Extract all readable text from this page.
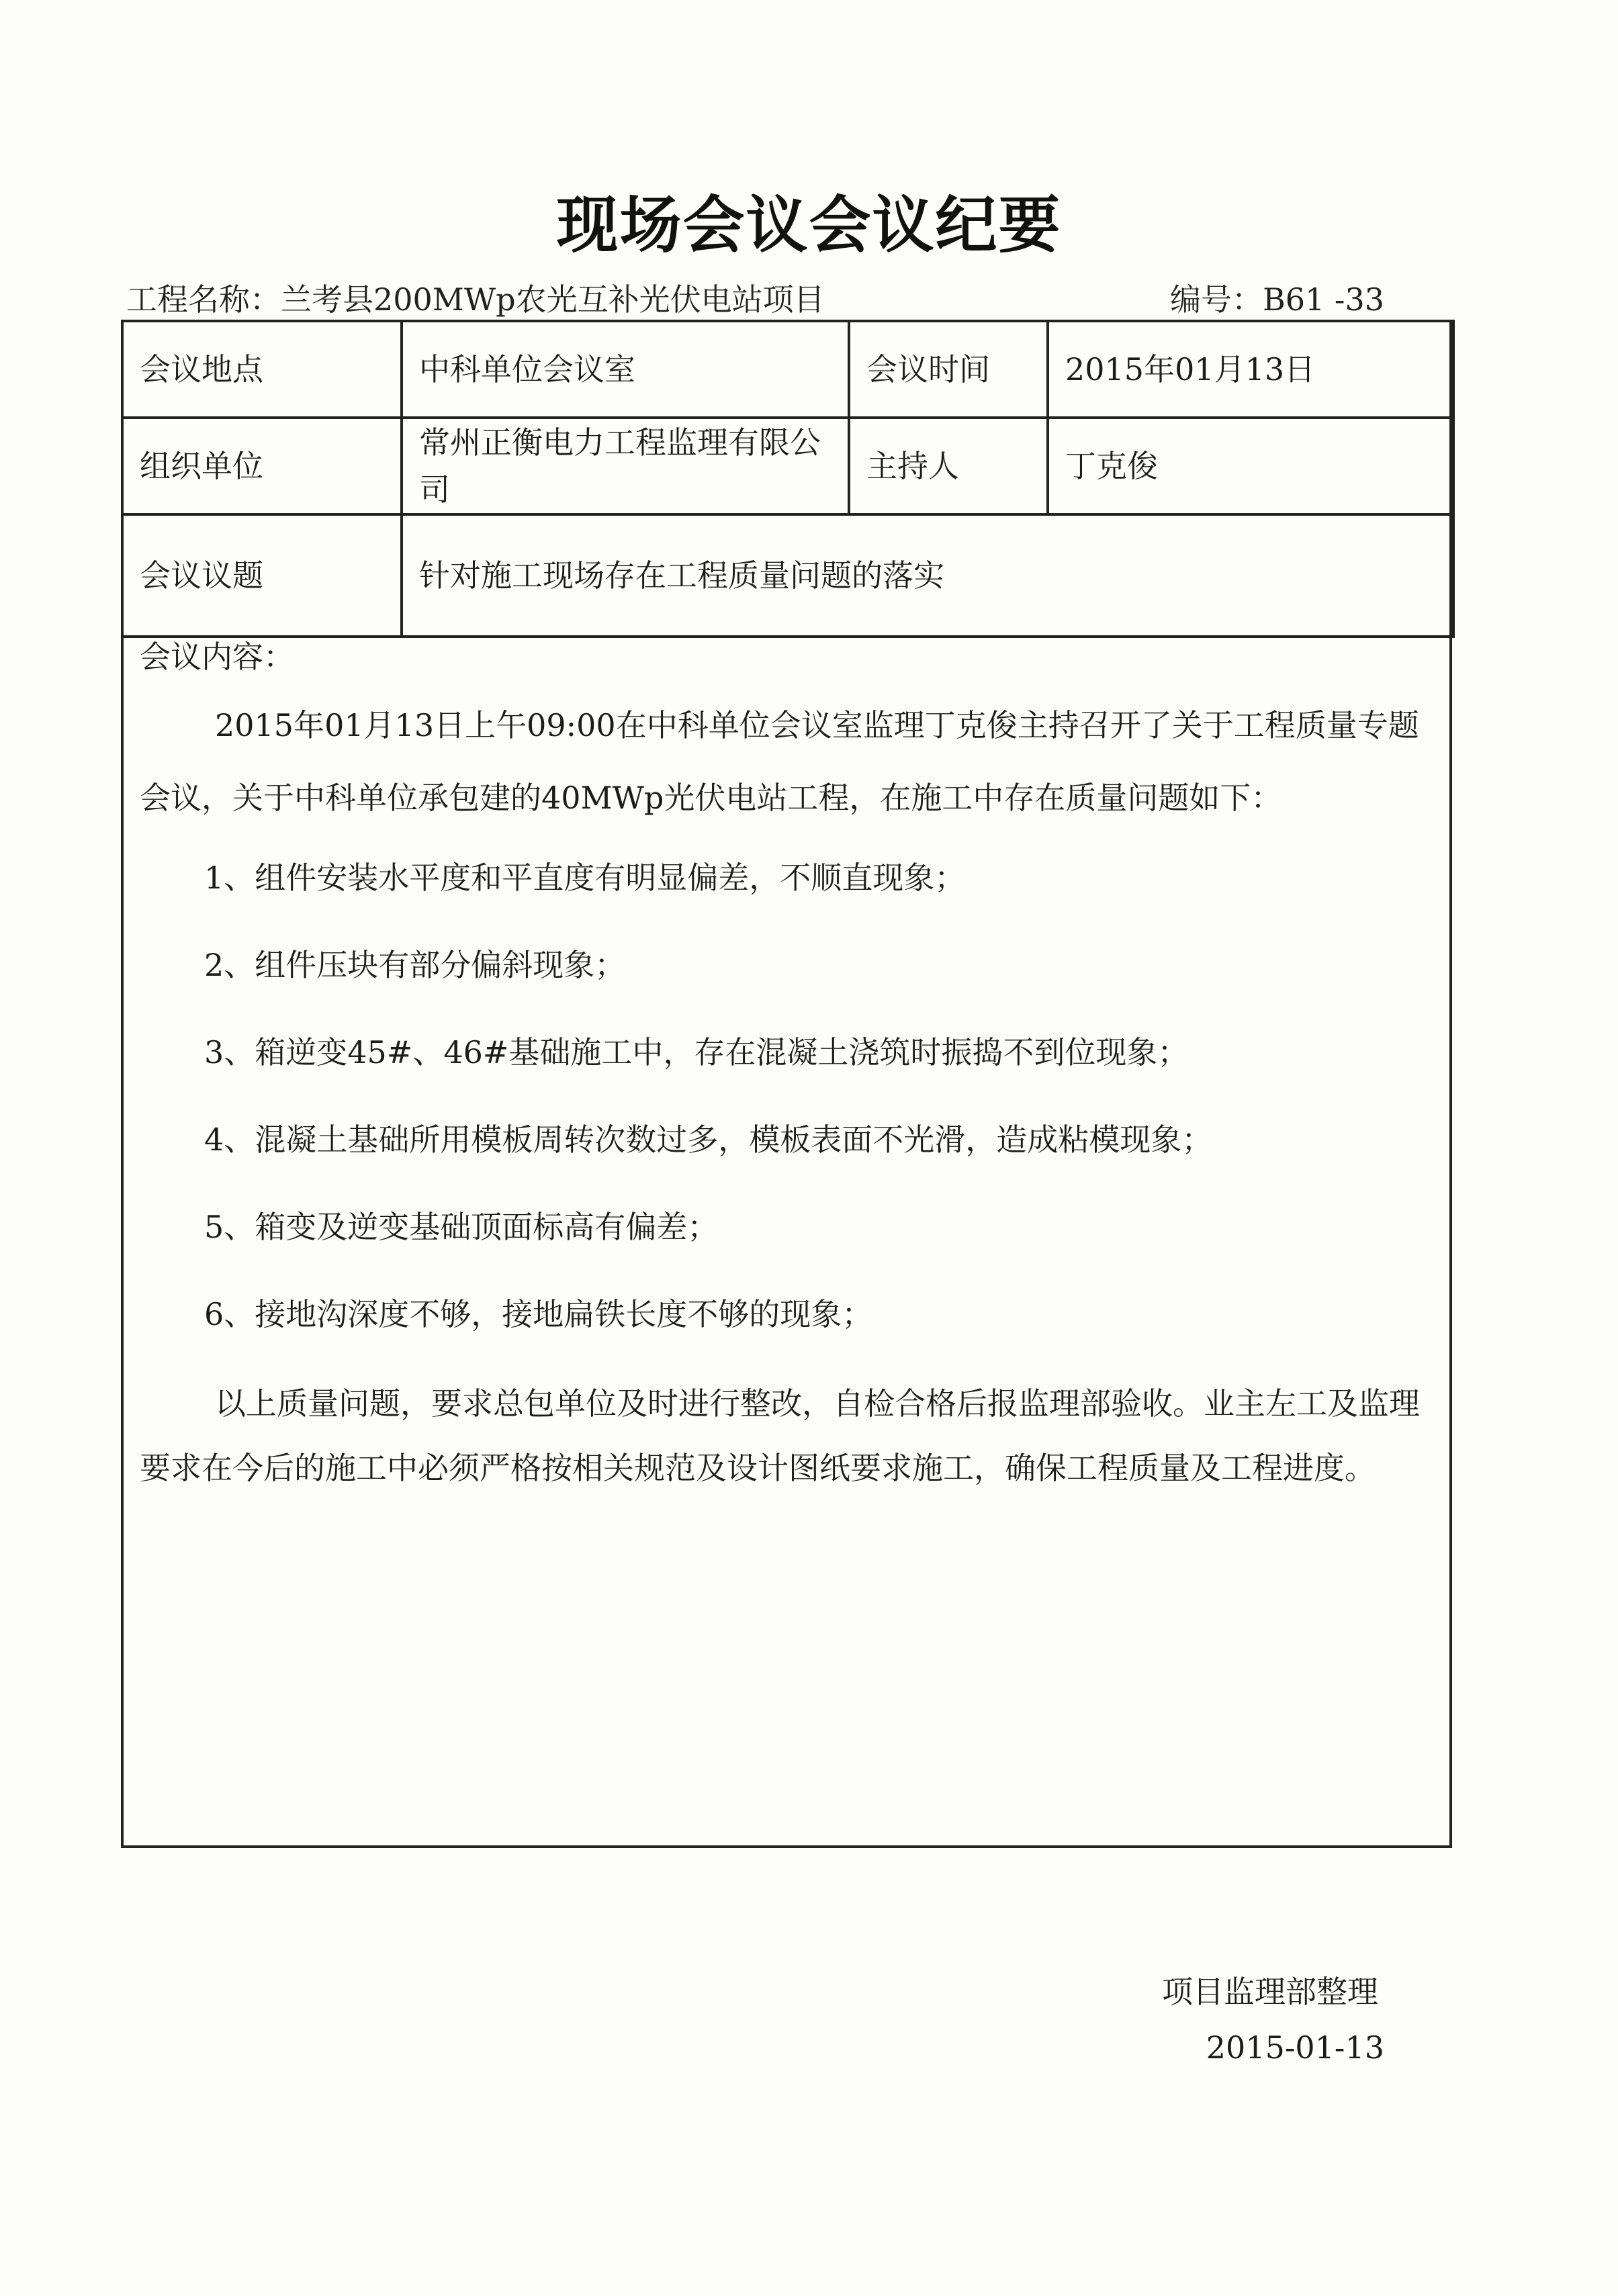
现场会议会议纪要
工程名称：兰考县200MWp农光互补光伏电站项目	编号：B61 -33
会议地点	中科单位会议室	会议时间	2015年01月13日
组织单位	常州正衡电力工程监理有限公司	主持人	丁克俊
会议议题	针对施工现场存在工程质量问题的落实		
会议内容：

2015年01月13日上午09:00在中科单位会议室监理丁克俊主持召开了关于工程质量专题会议，关于中科单位承包建的40MWp光伏电站工程，在施工中存在质量问题如下：

1、组件安装水平度和平直度有明显偏差，不顺直现象；
2、组件压块有部分偏斜现象；
3、箱逆变45#、46#基础施工中，存在混凝土浇筑时振捣不到位现象；
4、混凝土基础所用模板周转次数过多，模板表面不光滑，造成粘模现象；
5、箱变及逆变基础顶面标高有偏差；
6、接地沟深度不够，接地扁铁长度不够的现象；

以上质量问题，要求总包单位及时进行整改，自检合格后报监理部验收。业主左工及监理要求在今后的施工中必须严格按相关规范及设计图纸要求施工，确保工程质量及工程进度。

项目监理部整理
2015-01-13
